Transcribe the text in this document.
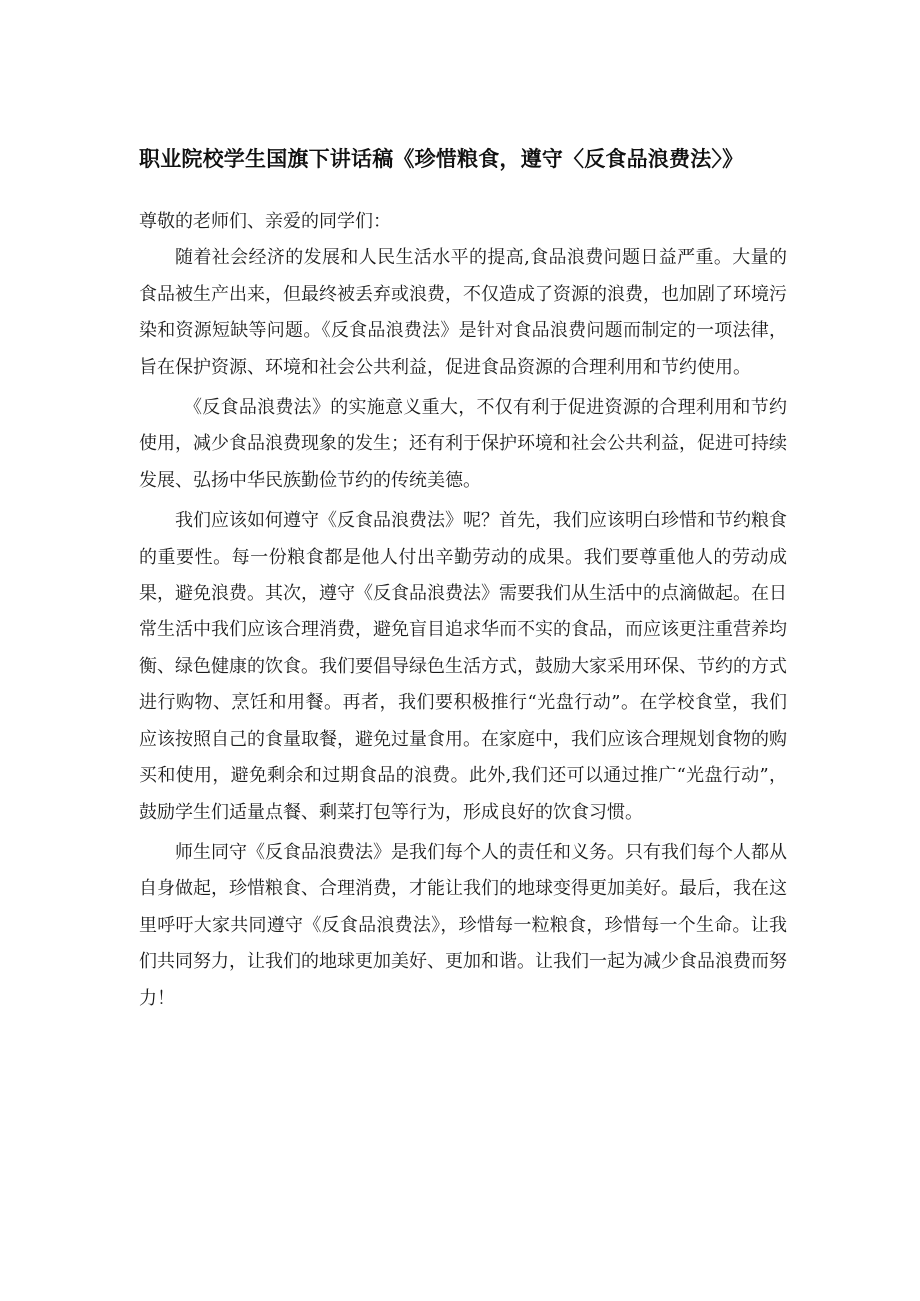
职业院校学生国旗下讲话稿《珍惜粮食，遵守〈反食品浪费法〉》

尊敬的老师们、亲爱的同学们：

随着社会经济的发展和人民生活水平的提高,食品浪费问题日益严重。大量的食品被生产出来，但最终被丢弃或浪费，不仅造成了资源的浪费，也加剧了环境污染和资源短缺等问题。《反食品浪费法》是针对食品浪费问题而制定的一项法律，旨在保护资源、环境和社会公共利益，促进食品资源的合理利用和节约使用。

《反食品浪费法》的实施意义重大，不仅有利于促进资源的合理利用和节约使用，减少食品浪费现象的发生；还有利于保护环境和社会公共利益，促进可持续发展、弘扬中华民族勤俭节约的传统美德。

我们应该如何遵守《反食品浪费法》呢？首先，我们应该明白珍惜和节约粮食的重要性。每一份粮食都是他人付出辛勤劳动的成果。我们要尊重他人的劳动成果，避免浪费。其次，遵守《反食品浪费法》需要我们从生活中的点滴做起。在日常生活中我们应该合理消费，避免盲目追求华而不实的食品，而应该更注重营养均衡、绿色健康的饮食。我们要倡导绿色生活方式，鼓励大家采用环保、节约的方式进行购物、烹饪和用餐。再者，我们要积极推行“光盘行动”。在学校食堂，我们应该按照自己的食量取餐，避免过量食用。在家庭中，我们应该合理规划食物的购买和使用，避免剩余和过期食品的浪费。此外,我们还可以通过推广“光盘行动”，鼓励学生们适量点餐、剩菜打包等行为，形成良好的饮食习惯。

师生同守《反食品浪费法》是我们每个人的责任和义务。只有我们每个人都从自身做起，珍惜粮食、合理消费，才能让我们的地球变得更加美好。最后，我在这里呼吁大家共同遵守《反食品浪费法》，珍惜每一粒粮食，珍惜每一个生命。让我们共同努力，让我们的地球更加美好、更加和谐。让我们一起为减少食品浪费而努力！
